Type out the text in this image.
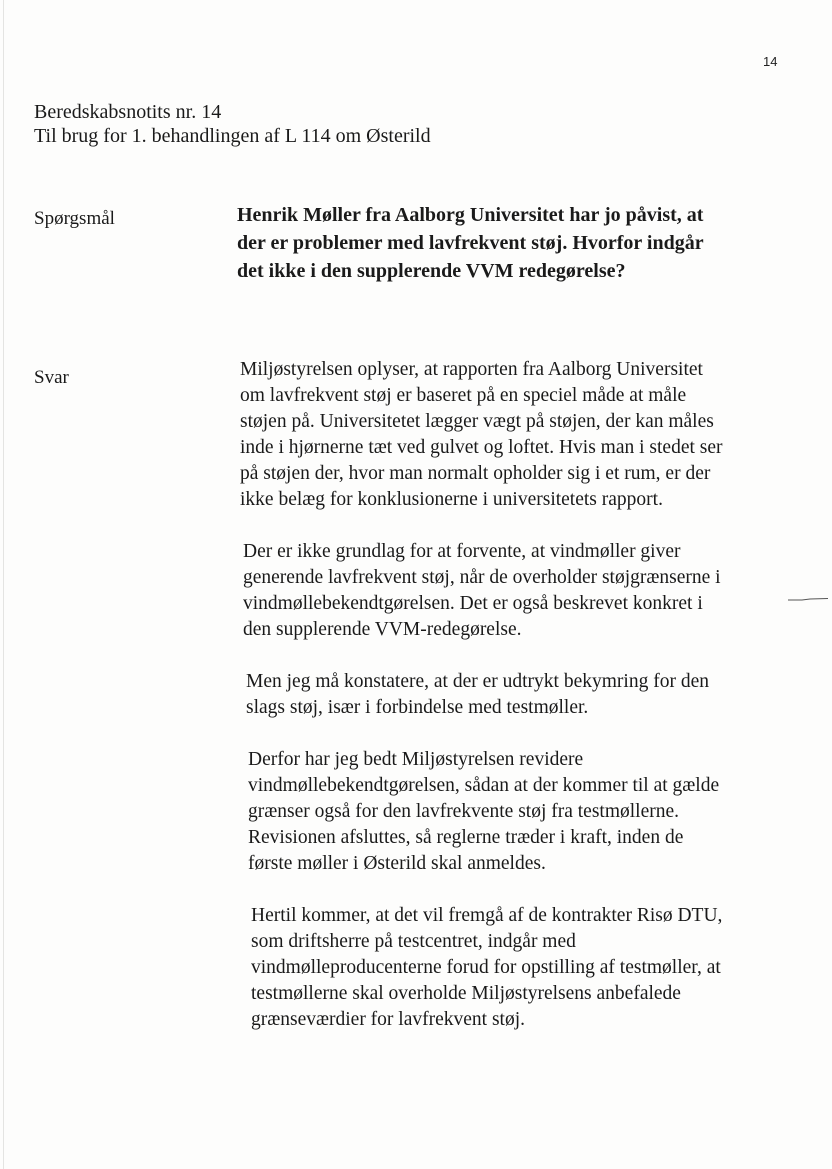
14
Beredskabsnotits nr. 14
Til brug for 1. behandlingen af L 114 om Østerild
Spørgsmål	Henrik Møller fra Aalborg Universitet har jo påvist, at der er problemer med lavfrekvent støj. Hvorfor indgår det ikke i den supplerende VVM redegørelse?
Svar	Miljøstyrelsen oplyser, at rapporten fra Aalborg Universitet om lavfrekvent støj er baseret på en speciel måde at måle støjen på. Universitetet lægger vægt på støjen, der kan måles inde i hjørnerne tæt ved gulvet og loftet. Hvis man i stedet ser på støjen der, hvor man normalt opholder sig i et rum, er der ikke belæg for konklusionerne i universitetets rapport.

Der er ikke grundlag for at forvente, at vindmøller giver generende lavfrekvent støj, når de overholder støjgrænserne i vindmøllebekendtgørelsen. Det er også beskrevet konkret i den supplerende VVM-redegørelse.

Men jeg må konstatere, at der er udtrykt bekymring for den slags støj, især i forbindelse med testmøller.

Derfor har jeg bedt Miljøstyrelsen revidere vindmøllebekendtgørelsen, sådan at der kommer til at gælde grænser også for den lavfrekvente støj fra testmøllerne. Revisionen afsluttes, så reglerne træder i kraft, inden de første møller i Østerild skal anmeldes.

Hertil kommer, at det vil fremgå af de kontrakter Risø DTU, som driftsherre på testcentret, indgår med vindmølleproducenterne forud for opstilling af testmøller, at testmøllerne skal overholde Miljøstyrelsens anbefalede grænseværdier for lavfrekvent støj.
